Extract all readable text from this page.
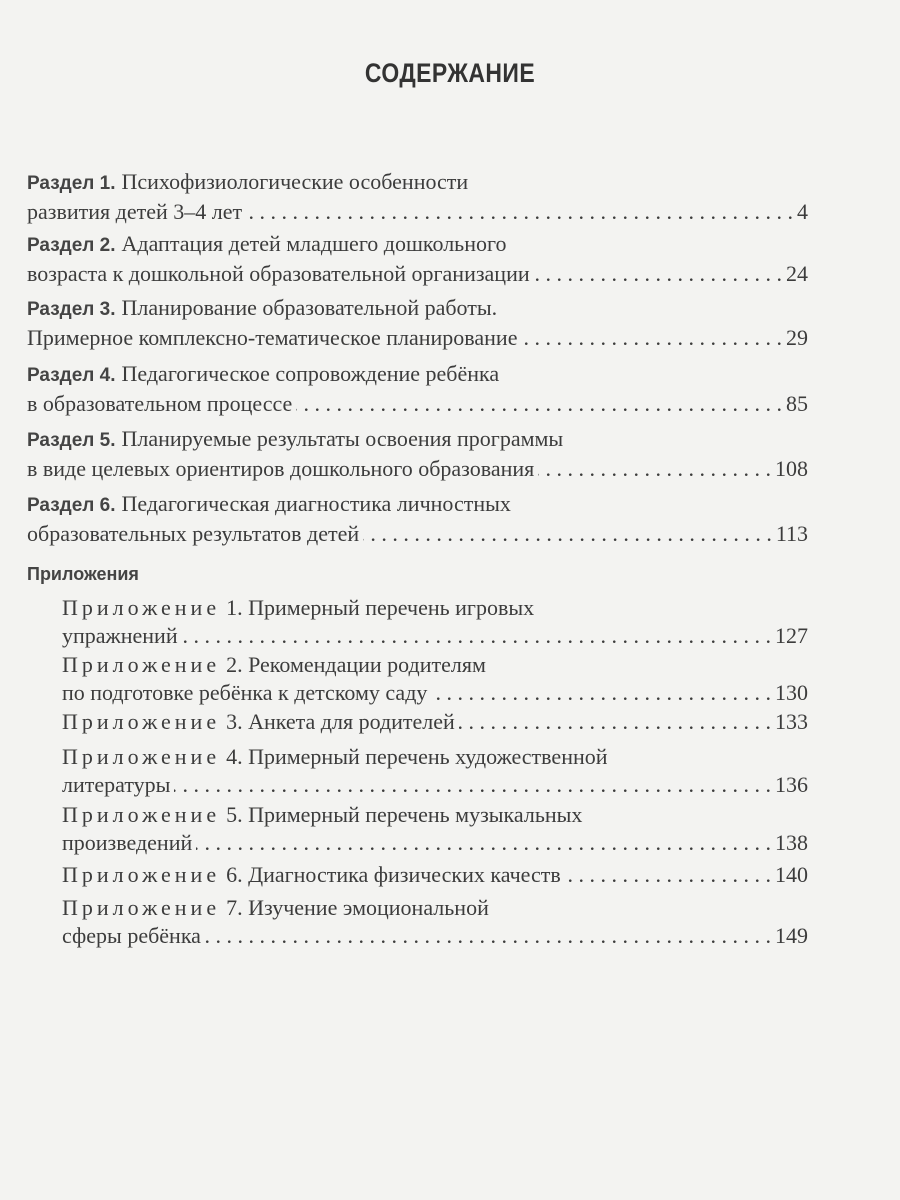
СОДЕРЖАНИЕ
Раздел 1. Психофизиологические особенности
развития детей 3–4 лет . . .	4
Раздел 2. Адаптация детей младшего дошкольного
возраста к дошкольной образовательной организации . . .	24
Раздел 3. Планирование образовательной работы.
Примерное комплексно-тематическое планирование . . .	29
Раздел 4. Педагогическое сопровождение ребёнка
в образовательном процессе . . .	85
Раздел 5. Планируемые результаты освоения программы
в виде целевых ориентиров дошкольного образования . . .	108
Раздел 6. Педагогическая диагностика личностных
образовательных результатов детей . . .	113
Приложения
Приложение 1. Примерный перечень игровых
упражнений . . .	127
Приложение 2. Рекомендации родителям
по подготовке ребёнка к детскому саду . . .	130
Приложение 3. Анкета для родителей . . .	133
Приложение 4. Примерный перечень художественной
литературы . . .	136
Приложение 5. Примерный перечень музыкальных
произведений . . .	138
Приложение 6. Диагностика физических качеств . . .	140
Приложение 7. Изучение эмоциональной
сферы ребёнка . . .	149
